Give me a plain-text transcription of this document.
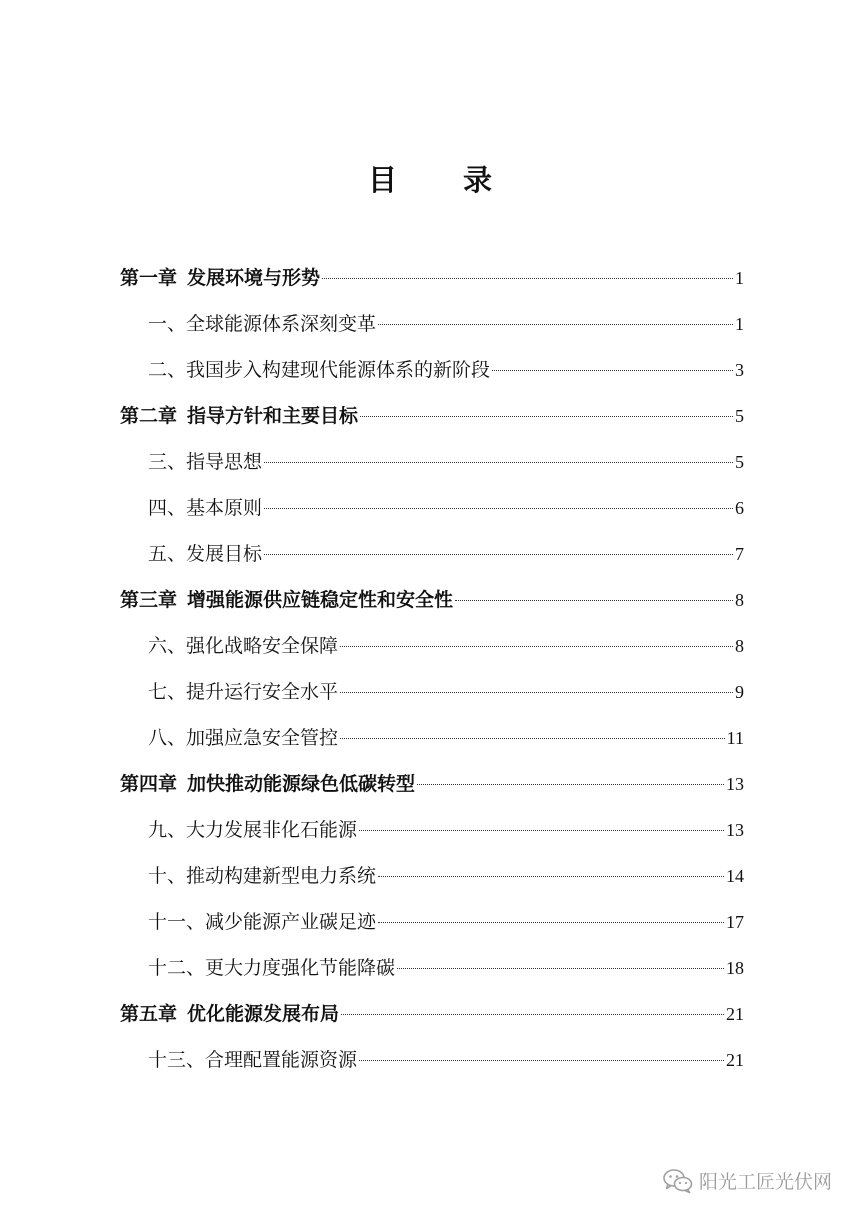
目 录
第一章 发展环境与形势	1
一、全球能源体系深刻变革	1
二、我国步入构建现代能源体系的新阶段	3
第二章 指导方针和主要目标	5
三、指导思想	5
四、基本原则	6
五、发展目标	7
第三章 增强能源供应链稳定性和安全性	8
六、强化战略安全保障	8
七、提升运行安全水平	9
八、加强应急安全管控	11
第四章 加快推动能源绿色低碳转型	13
九、大力发展非化石能源	13
十、推动构建新型电力系统	14
十一、减少能源产业碳足迹	17
十二、更大力度强化节能降碳	18
第五章 优化能源发展布局	21
十三、合理配置能源资源	21
阳光工匠光伏网
